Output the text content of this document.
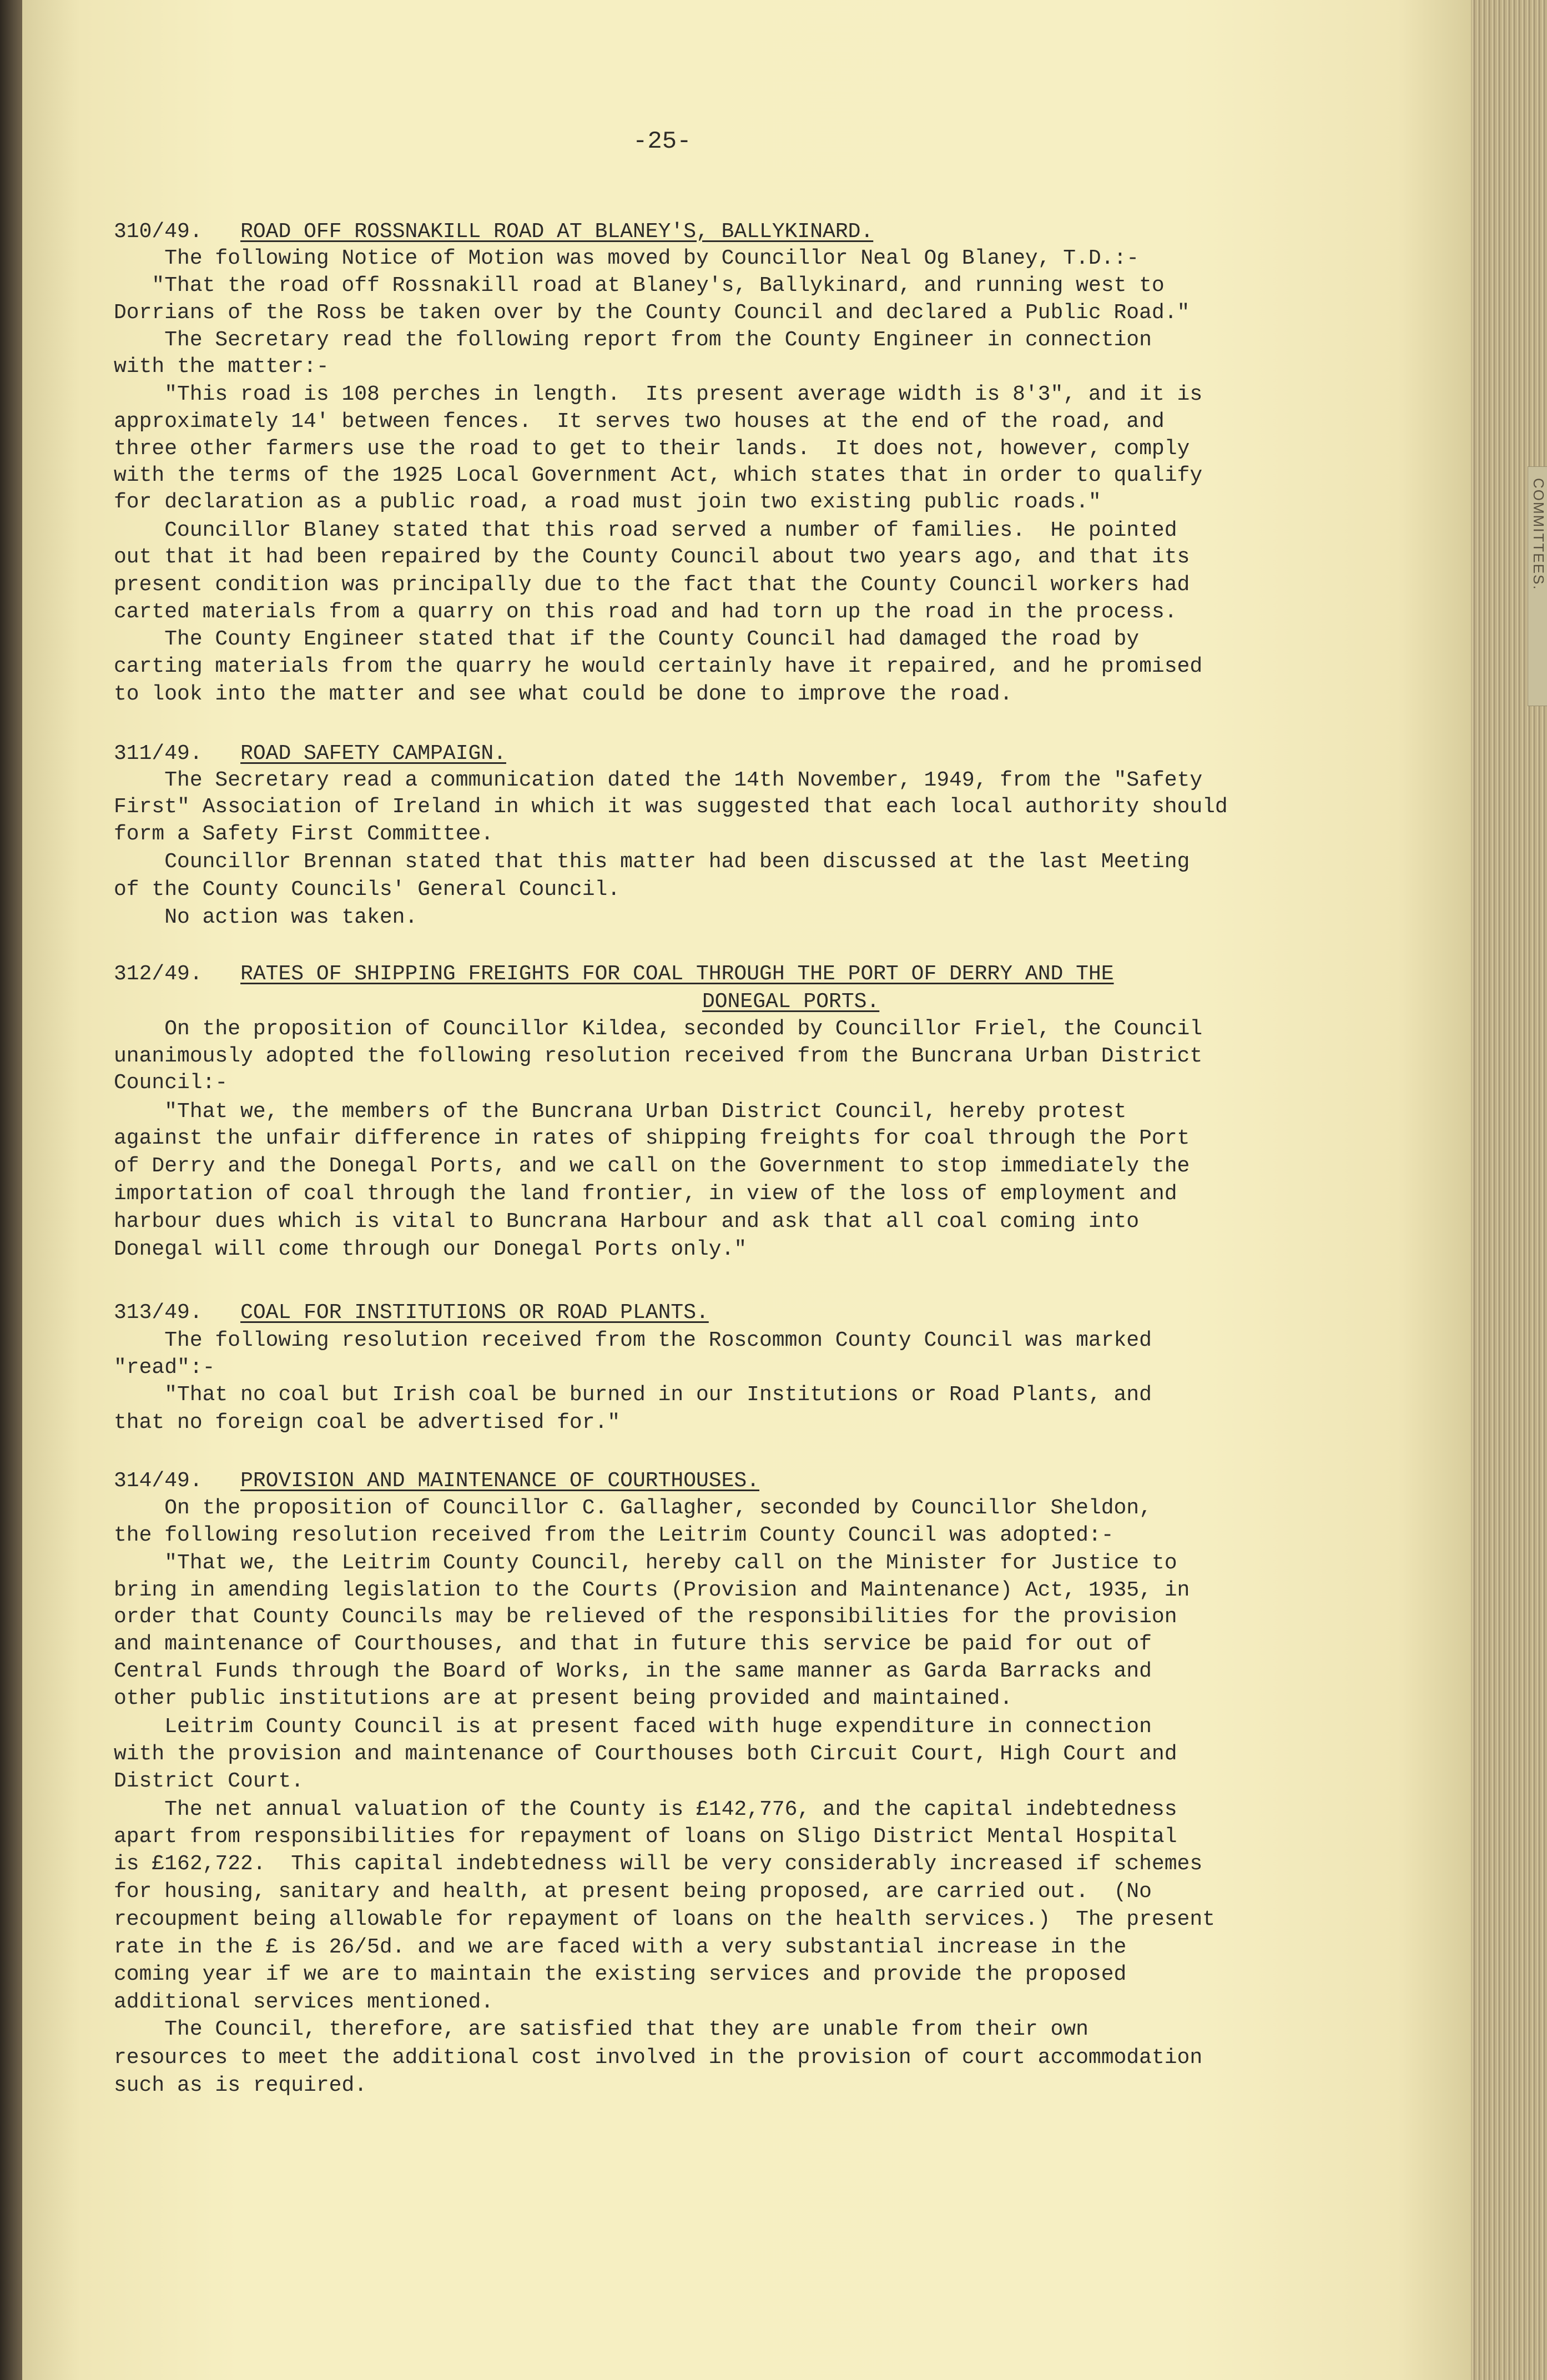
COMMITTEES.
-25-
310/49. ROAD OFF ROSSNAKILL ROAD AT BLANEY'S, BALLYKINARD.
The following Notice of Motion was moved by Councillor Neal Og Blaney, T.D.:-
"That the road off Rossnakill road at Blaney's, Ballykinard, and running west to
Dorrians of the Ross be taken over by the County Council and declared a Public Road."
The Secretary read the following report from the County Engineer in connection
with the matter:-
"This road is 108 perches in length.  Its present average width is 8'3", and it is
approximately 14' between fences.  It serves two houses at the end of the road, and
three other farmers use the road to get to their lands.  It does not, however, comply
with the terms of the 1925 Local Government Act, which states that in order to qualify
for declaration as a public road, a road must join two existing public roads."
Councillor Blaney stated that this road served a number of families.  He pointed
out that it had been repaired by the County Council about two years ago, and that its
present condition was principally due to the fact that the County Council workers had
carted materials from a quarry on this road and had torn up the road in the process.
The County Engineer stated that if the County Council had damaged the road by
carting materials from the quarry he would certainly have it repaired, and he promised
to look into the matter and see what could be done to improve the road.
311/49. ROAD SAFETY CAMPAIGN.
The Secretary read a communication dated the 14th November, 1949, from the "Safety
First" Association of Ireland in which it was suggested that each local authority should
form a Safety First Committee.
Councillor Brennan stated that this matter had been discussed at the last Meeting
of the County Councils' General Council.
No action was taken.
312/49. RATES OF SHIPPING FREIGHTS FOR COAL THROUGH THE PORT OF DERRY AND THE
DONEGAL PORTS.
On the proposition of Councillor Kildea, seconded by Councillor Friel, the Council
unanimously adopted the following resolution received from the Buncrana Urban District
Council:-
"That we, the members of the Buncrana Urban District Council, hereby protest
against the unfair difference in rates of shipping freights for coal through the Port
of Derry and the Donegal Ports, and we call on the Government to stop immediately the
importation of coal through the land frontier, in view of the loss of employment and
harbour dues which is vital to Buncrana Harbour and ask that all coal coming into
Donegal will come through our Donegal Ports only."
313/49. COAL FOR INSTITUTIONS OR ROAD PLANTS.
The following resolution received from the Roscommon County Council was marked
"read":-
"That no coal but Irish coal be burned in our Institutions or Road Plants, and
that no foreign coal be advertised for."
314/49. PROVISION AND MAINTENANCE OF COURTHOUSES.
On the proposition of Councillor C. Gallagher, seconded by Councillor Sheldon,
the following resolution received from the Leitrim County Council was adopted:-
"That we, the Leitrim County Council, hereby call on the Minister for Justice to
bring in amending legislation to the Courts (Provision and Maintenance) Act, 1935, in
order that County Councils may be relieved of the responsibilities for the provision
and maintenance of Courthouses, and that in future this service be paid for out of
Central Funds through the Board of Works, in the same manner as Garda Barracks and
other public institutions are at present being provided and maintained.
Leitrim County Council is at present faced with huge expenditure in connection
with the provision and maintenance of Courthouses both Circuit Court, High Court and
District Court.
The net annual valuation of the County is £142,776, and the capital indebtedness
apart from responsibilities for repayment of loans on Sligo District Mental Hospital
is £162,722.  This capital indebtedness will be very considerably increased if schemes
for housing, sanitary and health, at present being proposed, are carried out.  (No
recoupment being allowable for repayment of loans on the health services.)  The present
rate in the £ is 26/5d. and we are faced with a very substantial increase in the
coming year if we are to maintain the existing services and provide the proposed
additional services mentioned.
The Council, therefore, are satisfied that they are unable from their own
resources to meet the additional cost involved in the provision of court accommodation
such as is required.
